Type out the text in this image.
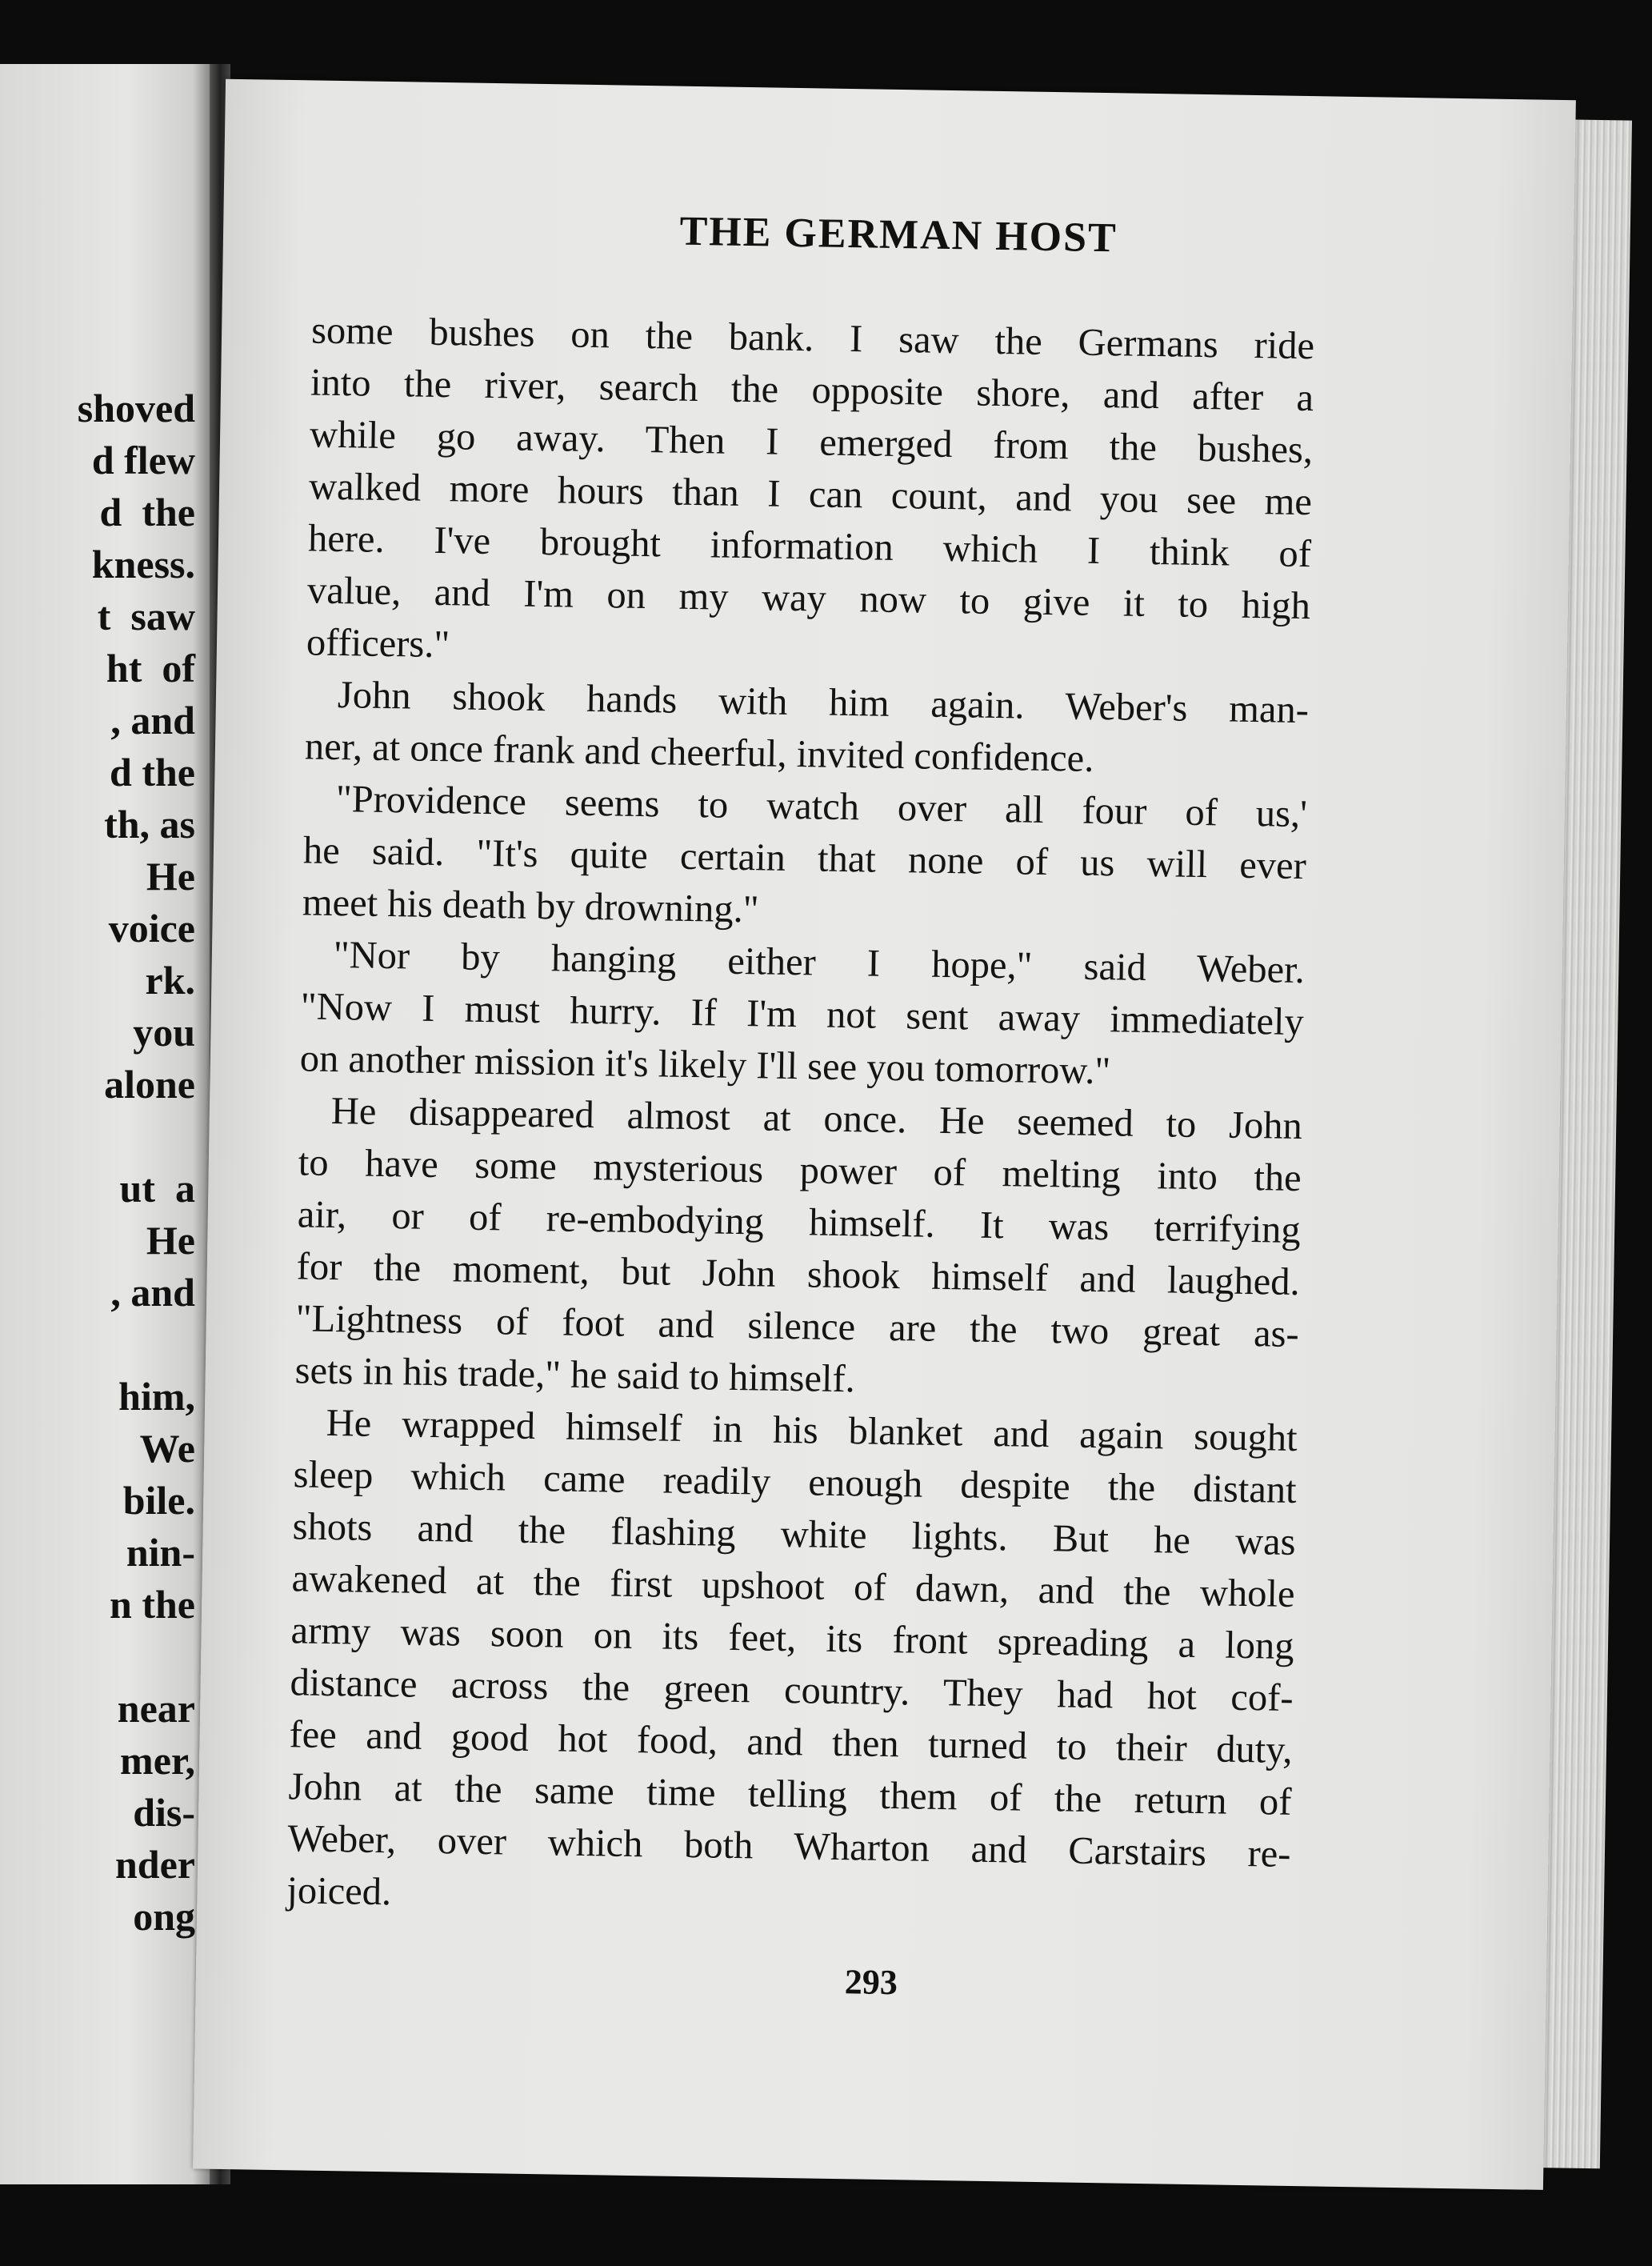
shoved
d flew
d  the
kness.
t  saw
ht  of
, and
d the
th, as
He
voice
rk.
you
alone
ut  a
He
, and
him,
We
bile.
nin-
n the
near
mer,
dis-
nder
ong
THE GERMAN HOST
some bushes on the bank. I saw the Germans ride
into the river, search the opposite shore, and after a
while go away. Then I emerged from the bushes,
walked more hours than I can count, and you see me
here. I've brought information which I think of
value, and I'm on my way now to give it to high
officers."
John shook hands with him again. Weber's man-
ner, at once frank and cheerful, invited confidence.
"Providence seems to watch over all four of us,'
he said. "It's quite certain that none of us will ever
meet his death by drowning."
"Nor by hanging either I hope," said Weber.
"Now I must hurry. If I'm not sent away immediately
on another mission it's likely I'll see you tomorrow."
He disappeared almost at once. He seemed to John
to have some mysterious power of melting into the
air, or of re-embodying himself. It was terrifying
for the moment, but John shook himself and laughed.
"Lightness of foot and silence are the two great as-
sets in his trade," he said to himself.
He wrapped himself in his blanket and again sought
sleep which came readily enough despite the distant
shots and the flashing white lights. But he was
awakened at the first upshoot of dawn, and the whole
army was soon on its feet, its front spreading a long
distance across the green country. They had hot cof-
fee and good hot food, and then turned to their duty,
John at the same time telling them of the return of
Weber, over which both Wharton and Carstairs re-
joiced.
293
